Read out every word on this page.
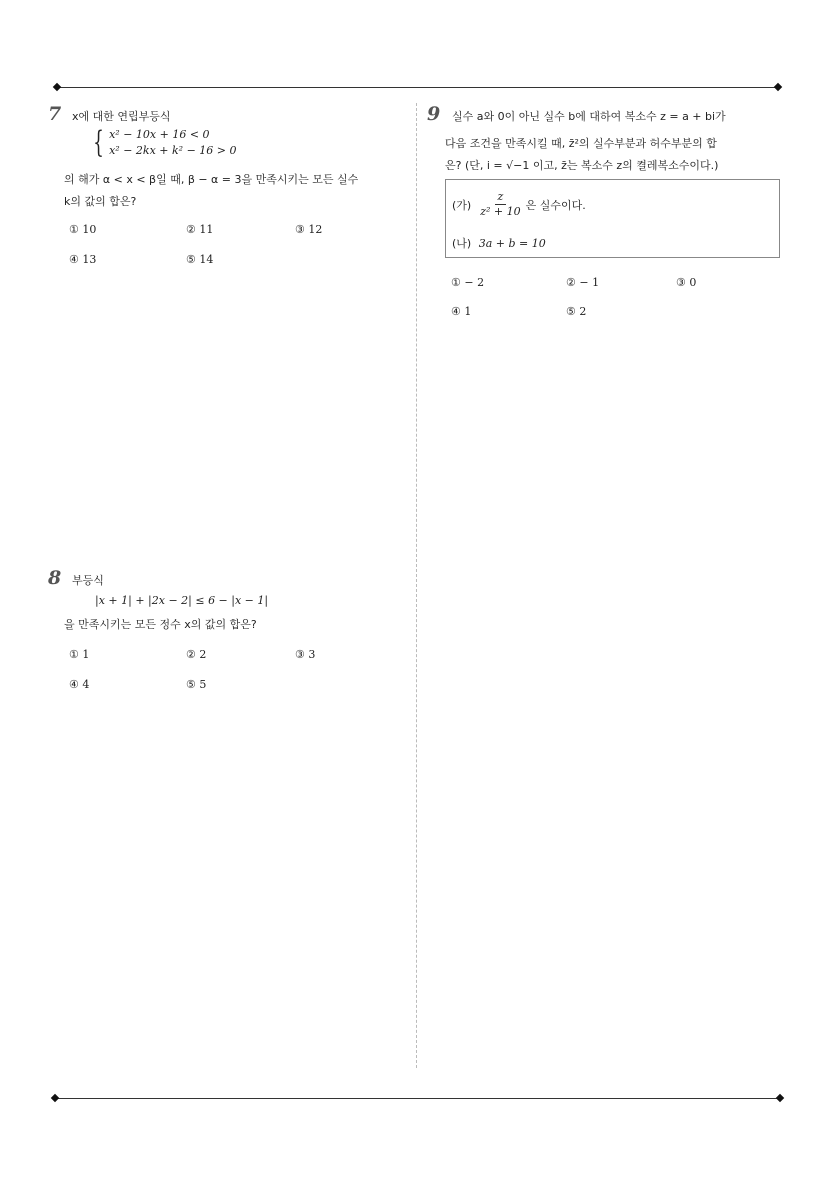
7 x에 대한 연립부등식
{ x² − 10x + 16 < 0
x² − 2kx + k² − 16 > 0
의 해가 α < x < β일 때, β − α = 3을 만족시키는 모든 실수
k의 값의 합은?
① 10	② 11	③ 12
④ 13	⑤ 14
8 부등식
|x + 1| + |2x − 2| ≤ 6 − |x − 1|
을 만족시키는 모든 정수 x의 값의 합은?
① 1	② 2	③ 3
④ 4	⑤ 5
9 실수 a와 0이 아닌 실수 b에 대하여 복소수 z = a + bi가
다음 조건을 만족시킬 때, z̄²의 실수부분과 허수부분의 합
은? (단, i = √−1 이고, z̄는 복소수 z의 켤레복소수이다.)
(가) $\frac{z}{\text{z² + 10}}$ 은 실수이다.
(나) 3a + b = 10
① − 2	② − 1	③ 0
④ 1	⑤ 2
